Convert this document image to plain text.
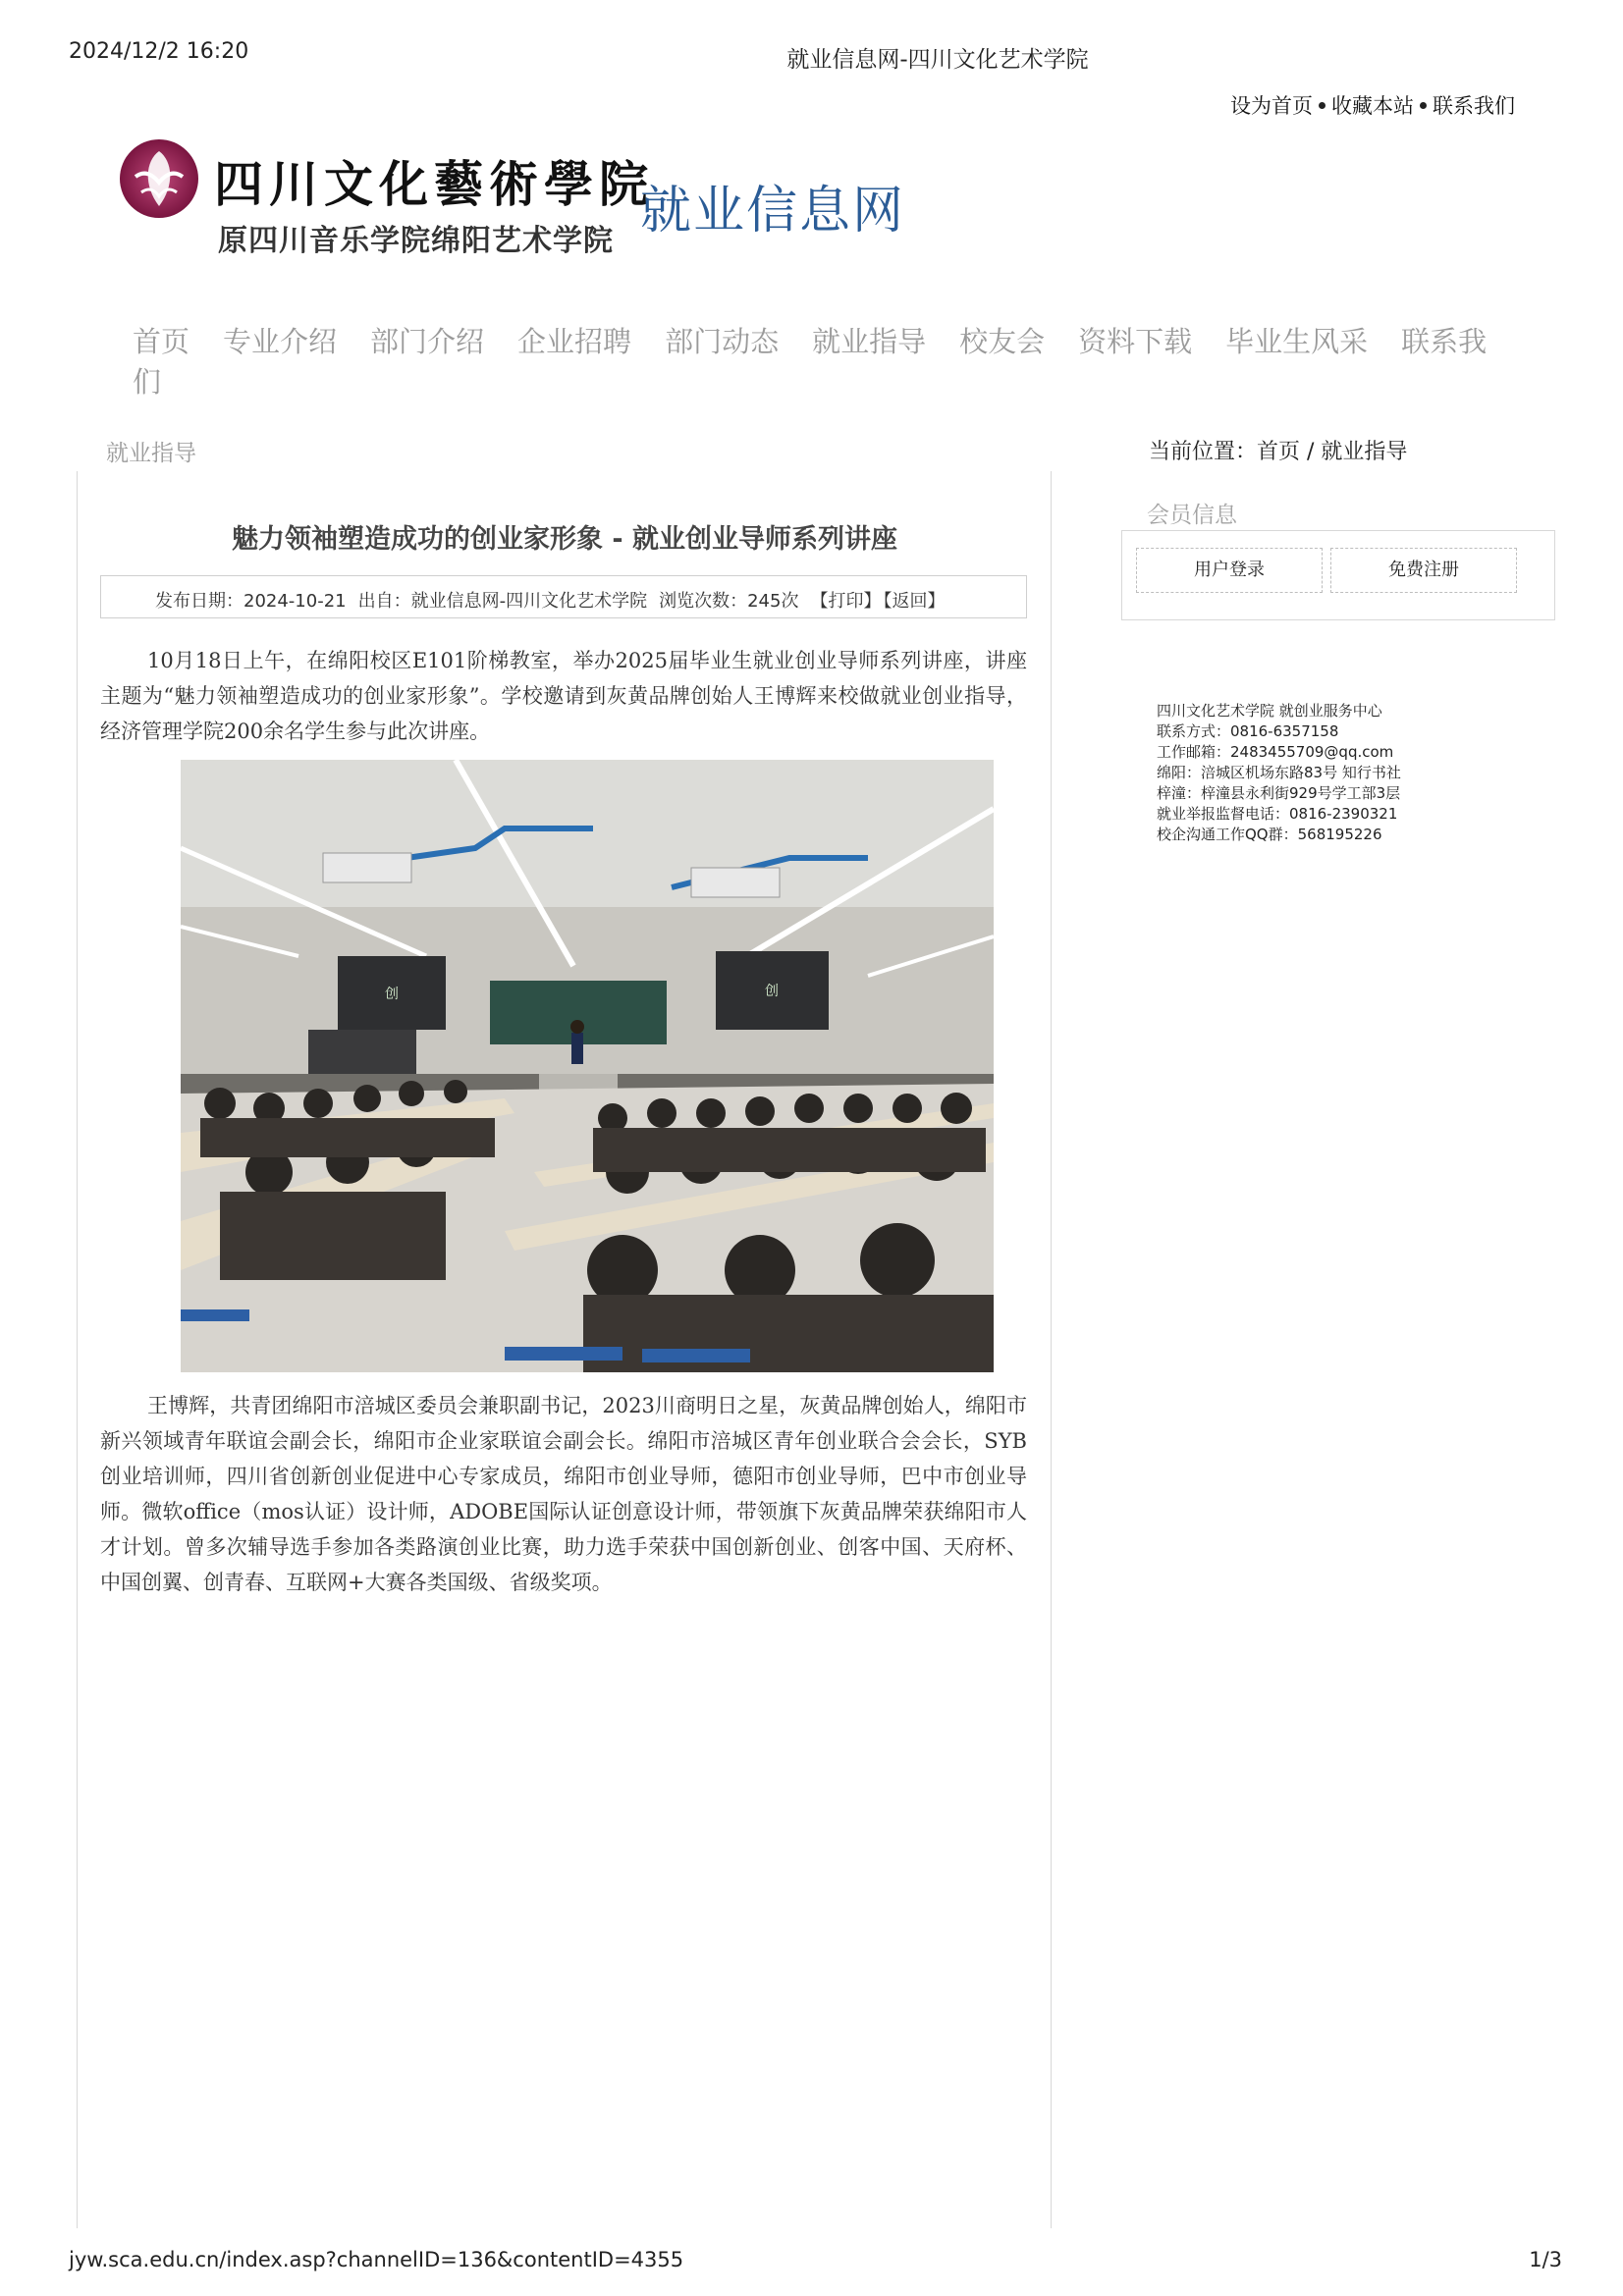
2024/12/2 16:20	就业信息网-四川文化艺术学院
设为首页 收藏本站 联系我们
四川文化藝術學院
原四川音乐学院绵阳艺术学院
就业信息网
首页 专业介绍 部门介绍 企业招聘 部门动态 就业指导 校友会 资料下载 毕业生风采 联系我们
就业指导	当前位置：首页 / 就业指导
魅力领袖塑造成功的创业家形象 - 就业创业导师系列讲座
发布日期：2024-10-21 出自：就业信息网-四川文化艺术学院 浏览次数：245次 【打印】 【返回】
10月18日上午，在绵阳校区E101阶梯教室，举办2025届毕业生就业创业导师系列讲座，讲座主题为“魅力领袖塑造成功的创业家形象”。学校邀请到灰黄品牌创始人王博辉来校做就业创业指导，经济管理学院200余名学生参与此次讲座。
创	创
王博辉，共青团绵阳市涪城区委员会兼职副书记，2023川商明日之星，灰黄品牌创始人，绵阳市新兴领域青年联谊会副会长，绵阳市企业家联谊会副会长。绵阳市涪城区青年创业联合会会长，SYB创业培训师，四川省创新创业促进中心专家成员，绵阳市创业导师，德阳市创业导师，巴中市创业导师。微软office（mos认证）设计师，ADOBE国际认证创意设计师，带领旗下灰黄品牌荣获绵阳市人才计划。曾多次辅导选手参加各类路演创业比赛，助力选手荣获中国创新创业、创客中国、天府杯、中国创翼、创青春、互联网+大赛各类国级、省级奖项。
会员信息
用户登录	免费注册
四川文化艺术学院 就创业服务中心
联系方式：0816-6357158
工作邮箱：2483455709@qq.com
绵阳：涪城区机场东路83号 知行书社
梓潼：梓潼县永利街929号学工部3层
就业举报监督电话：0816-2390321
校企沟通工作QQ群：568195226
jyw.sca.edu.cn/index.asp?channelID=136&contentID=4355	1/3
